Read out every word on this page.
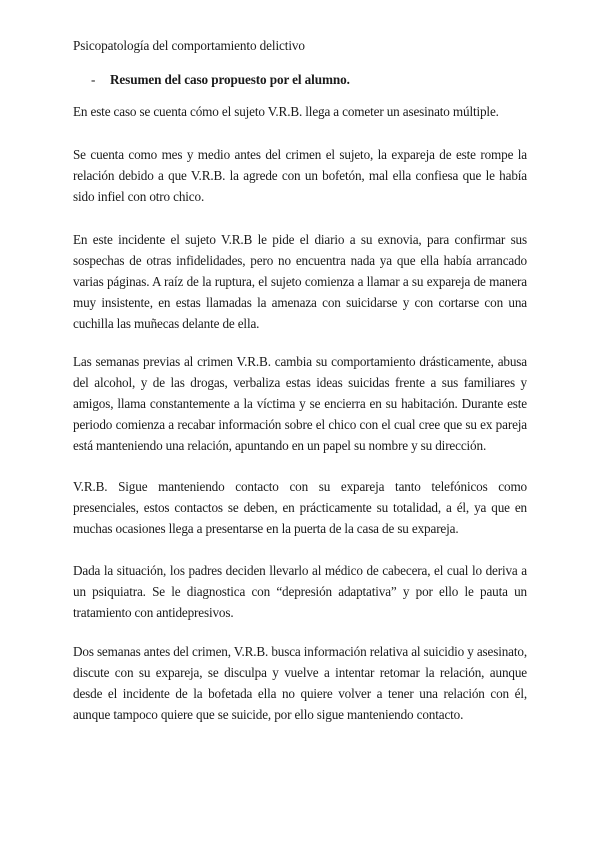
Psicopatología del comportamiento delictivo
- Resumen del caso propuesto por el alumno.

En este caso se cuenta cómo el sujeto V.R.B. llega a cometer un asesinato múltiple.

Se cuenta como mes y medio antes del crimen el sujeto, la expareja de este rompe la relación debido a que V.R.B. la agrede con un bofetón, mal ella confiesa que le había sido infiel con otro chico.

En este incidente el sujeto V.R.B le pide el diario a su exnovia, para confirmar sus sospechas de otras infidelidades, pero no encuentra nada ya que ella había arrancado varias páginas. A raíz de la ruptura, el sujeto comienza a llamar a su expareja de manera muy insistente, en estas llamadas la amenaza con suicidarse y con cortarse con una cuchilla las muñecas delante de ella.

Las semanas previas al crimen V.R.B. cambia su comportamiento drásticamente, abusa del alcohol, y de las drogas, verbaliza estas ideas suicidas frente a sus familiares y amigos, llama constantemente a la víctima y se encierra en su habitación. Durante este periodo comienza a recabar información sobre el chico con el cual cree que su ex pareja está manteniendo una relación, apuntando en un papel su nombre y su dirección.

V.R.B. Sigue manteniendo contacto con su expareja tanto telefónicos como presenciales, estos contactos se deben, en prácticamente su totalidad, a él, ya que en muchas ocasiones llega a presentarse en la puerta de la casa de su expareja.

Dada la situación, los padres deciden llevarlo al médico de cabecera, el cual lo deriva a un psiquiatra. Se le diagnostica con “depresión adaptativa” y por ello le pauta un tratamiento con antidepresivos.

Dos semanas antes del crimen, V.R.B. busca información relativa al suicidio y asesinato, discute con su expareja, se disculpa y vuelve a intentar retomar la relación, aunque desde el incidente de la bofetada ella no quiere volver a tener una relación con él, aunque tampoco quiere que se suicide, por ello sigue manteniendo contacto.
